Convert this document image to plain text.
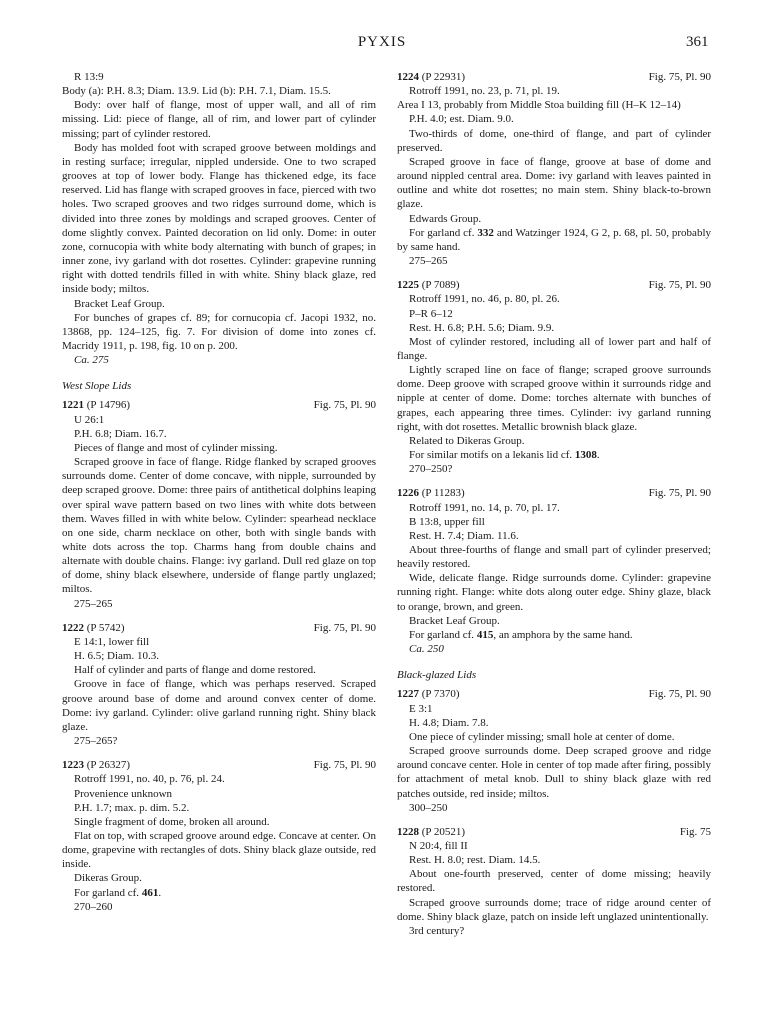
PYXIS	361

R 13:9

Body (a): P.H. 8.3; Diam. 13.9. Lid (b): P.H. 7.1, Diam. 15.5.

Body: over half of flange, most of upper wall, and all of rim missing. Lid: piece of flange, all of rim, and lower part of cylinder missing; part of cylinder restored.

Body has molded foot with scraped groove between moldings and in resting surface; irregular, nippled underside. One to two scraped grooves at top of lower body. Flange has thickened edge, its face reserved. Lid has flange with scraped grooves in face, pierced with two holes. Two scraped grooves and two ridges surround dome, which is divided into three zones by moldings and scraped grooves. Center of dome slightly convex. Painted decoration on lid only. Dome: in outer zone, cornucopia with white body alternating with bunch of grapes; in inner zone, ivy garland with dot rosettes. Cylinder: grapevine running right with dotted tendrils filled in with white. Shiny black glaze, red inside body; miltos.

Bracket Leaf Group.

For bunches of grapes cf. 89; for cornucopia cf. Jacopi 1932, no. 13868, pp. 124–125, fig. 7. For division of dome into zones cf. Macridy 1911, p. 198, fig. 10 on p. 200.

Ca. 275

West Slope Lids
1221 (P 14796)	Fig. 75, Pl. 90

U 26:1

P.H. 6.8; Diam. 16.7.

Pieces of flange and most of cylinder missing.

Scraped groove in face of flange. Ridge flanked by scraped grooves surrounds dome. Center of dome concave, with nipple, surrounded by deep scraped groove. Dome: three pairs of antithetical dolphins leaping over spiral wave pattern based on two lines with white dots between them. Waves filled in with white below. Cylinder: spearhead necklace on one side, charm necklace on other, both with single bands with white dots across the top. Charms hang from double chains and alternate with double chains. Flange: ivy garland. Dull red glaze on top of dome, shiny black elsewhere, underside of flange partly unglazed; miltos.

275–265

1222 (P 5742)	Fig. 75, Pl. 90

E 14:1, lower fill

H. 6.5; Diam. 10.3.

Half of cylinder and parts of flange and dome restored.

Groove in face of flange, which was perhaps reserved. Scraped groove around base of dome and around convex center of dome. Dome: ivy garland. Cylinder: olive garland running right. Shiny black glaze.

275–265?

1223 (P 26327)	Fig. 75, Pl. 90

Rotroff 1991, no. 40, p. 76, pl. 24.

Provenience unknown

P.H. 1.7; max. p. dim. 5.2.

Single fragment of dome, broken all around.

Flat on top, with scraped groove around edge. Concave at center. On dome, grapevine with rectangles of dots. Shiny black glaze outside, red inside.

Dikeras Group.

For garland cf. 461.

270–260

1224 (P 22931)	Fig. 75, Pl. 90

Rotroff 1991, no. 23, p. 71, pl. 19.

Area I 13, probably from Middle Stoa building fill (H–K 12–14)

P.H. 4.0; est. Diam. 9.0.

Two-thirds of dome, one-third of flange, and part of cylinder preserved.

Scraped groove in face of flange, groove at base of dome and around nippled central area. Dome: ivy garland with leaves painted in outline and white dot rosettes; no main stem. Shiny black-to-brown glaze.

Edwards Group.

For garland cf. 332 and Watzinger 1924, G 2, p. 68, pl. 50, probably by same hand.

275–265

1225 (P 7089)	Fig. 75, Pl. 90

Rotroff 1991, no. 46, p. 80, pl. 26.

P–R 6–12

Rest. H. 6.8; P.H. 5.6; Diam. 9.9.

Most of cylinder restored, including all of lower part and half of flange.

Lightly scraped line on face of flange; scraped groove surrounds dome. Deep groove with scraped groove within it surrounds ridge and nipple at center of dome. Dome: torches alternate with bunches of grapes, each appearing three times. Cylinder: ivy garland running right, with dot rosettes. Metallic brownish black glaze.

Related to Dikeras Group.

For similar motifs on a lekanis lid cf. 1308.

270–250?

1226 (P 11283)	Fig. 75, Pl. 90

Rotroff 1991, no. 14, p. 70, pl. 17.

B 13:8, upper fill

Rest. H. 7.4; Diam. 11.6.

About three-fourths of flange and small part of cylinder preserved; heavily restored.

Wide, delicate flange. Ridge surrounds dome. Cylinder: grapevine running right. Flange: white dots along outer edge. Shiny glaze, black to orange, brown, and green.

Bracket Leaf Group.

For garland cf. 415, an amphora by the same hand.

Ca. 250

Black-glazed Lids
1227 (P 7370)	Fig. 75, Pl. 90

E 3:1

H. 4.8; Diam. 7.8.

One piece of cylinder missing; small hole at center of dome.

Scraped groove surrounds dome. Deep scraped groove and ridge around concave center. Hole in center of top made after firing, possibly for attachment of metal knob. Dull to shiny black glaze with red patches outside, red inside; miltos.

300–250

1228 (P 20521)	Fig. 75

N 20:4, fill II

Rest. H. 8.0; rest. Diam. 14.5.

About one-fourth preserved, center of dome missing; heavily restored.

Scraped groove surrounds dome; trace of ridge around center of dome. Shiny black glaze, patch on inside left unglazed unintentionally.

3rd century?
